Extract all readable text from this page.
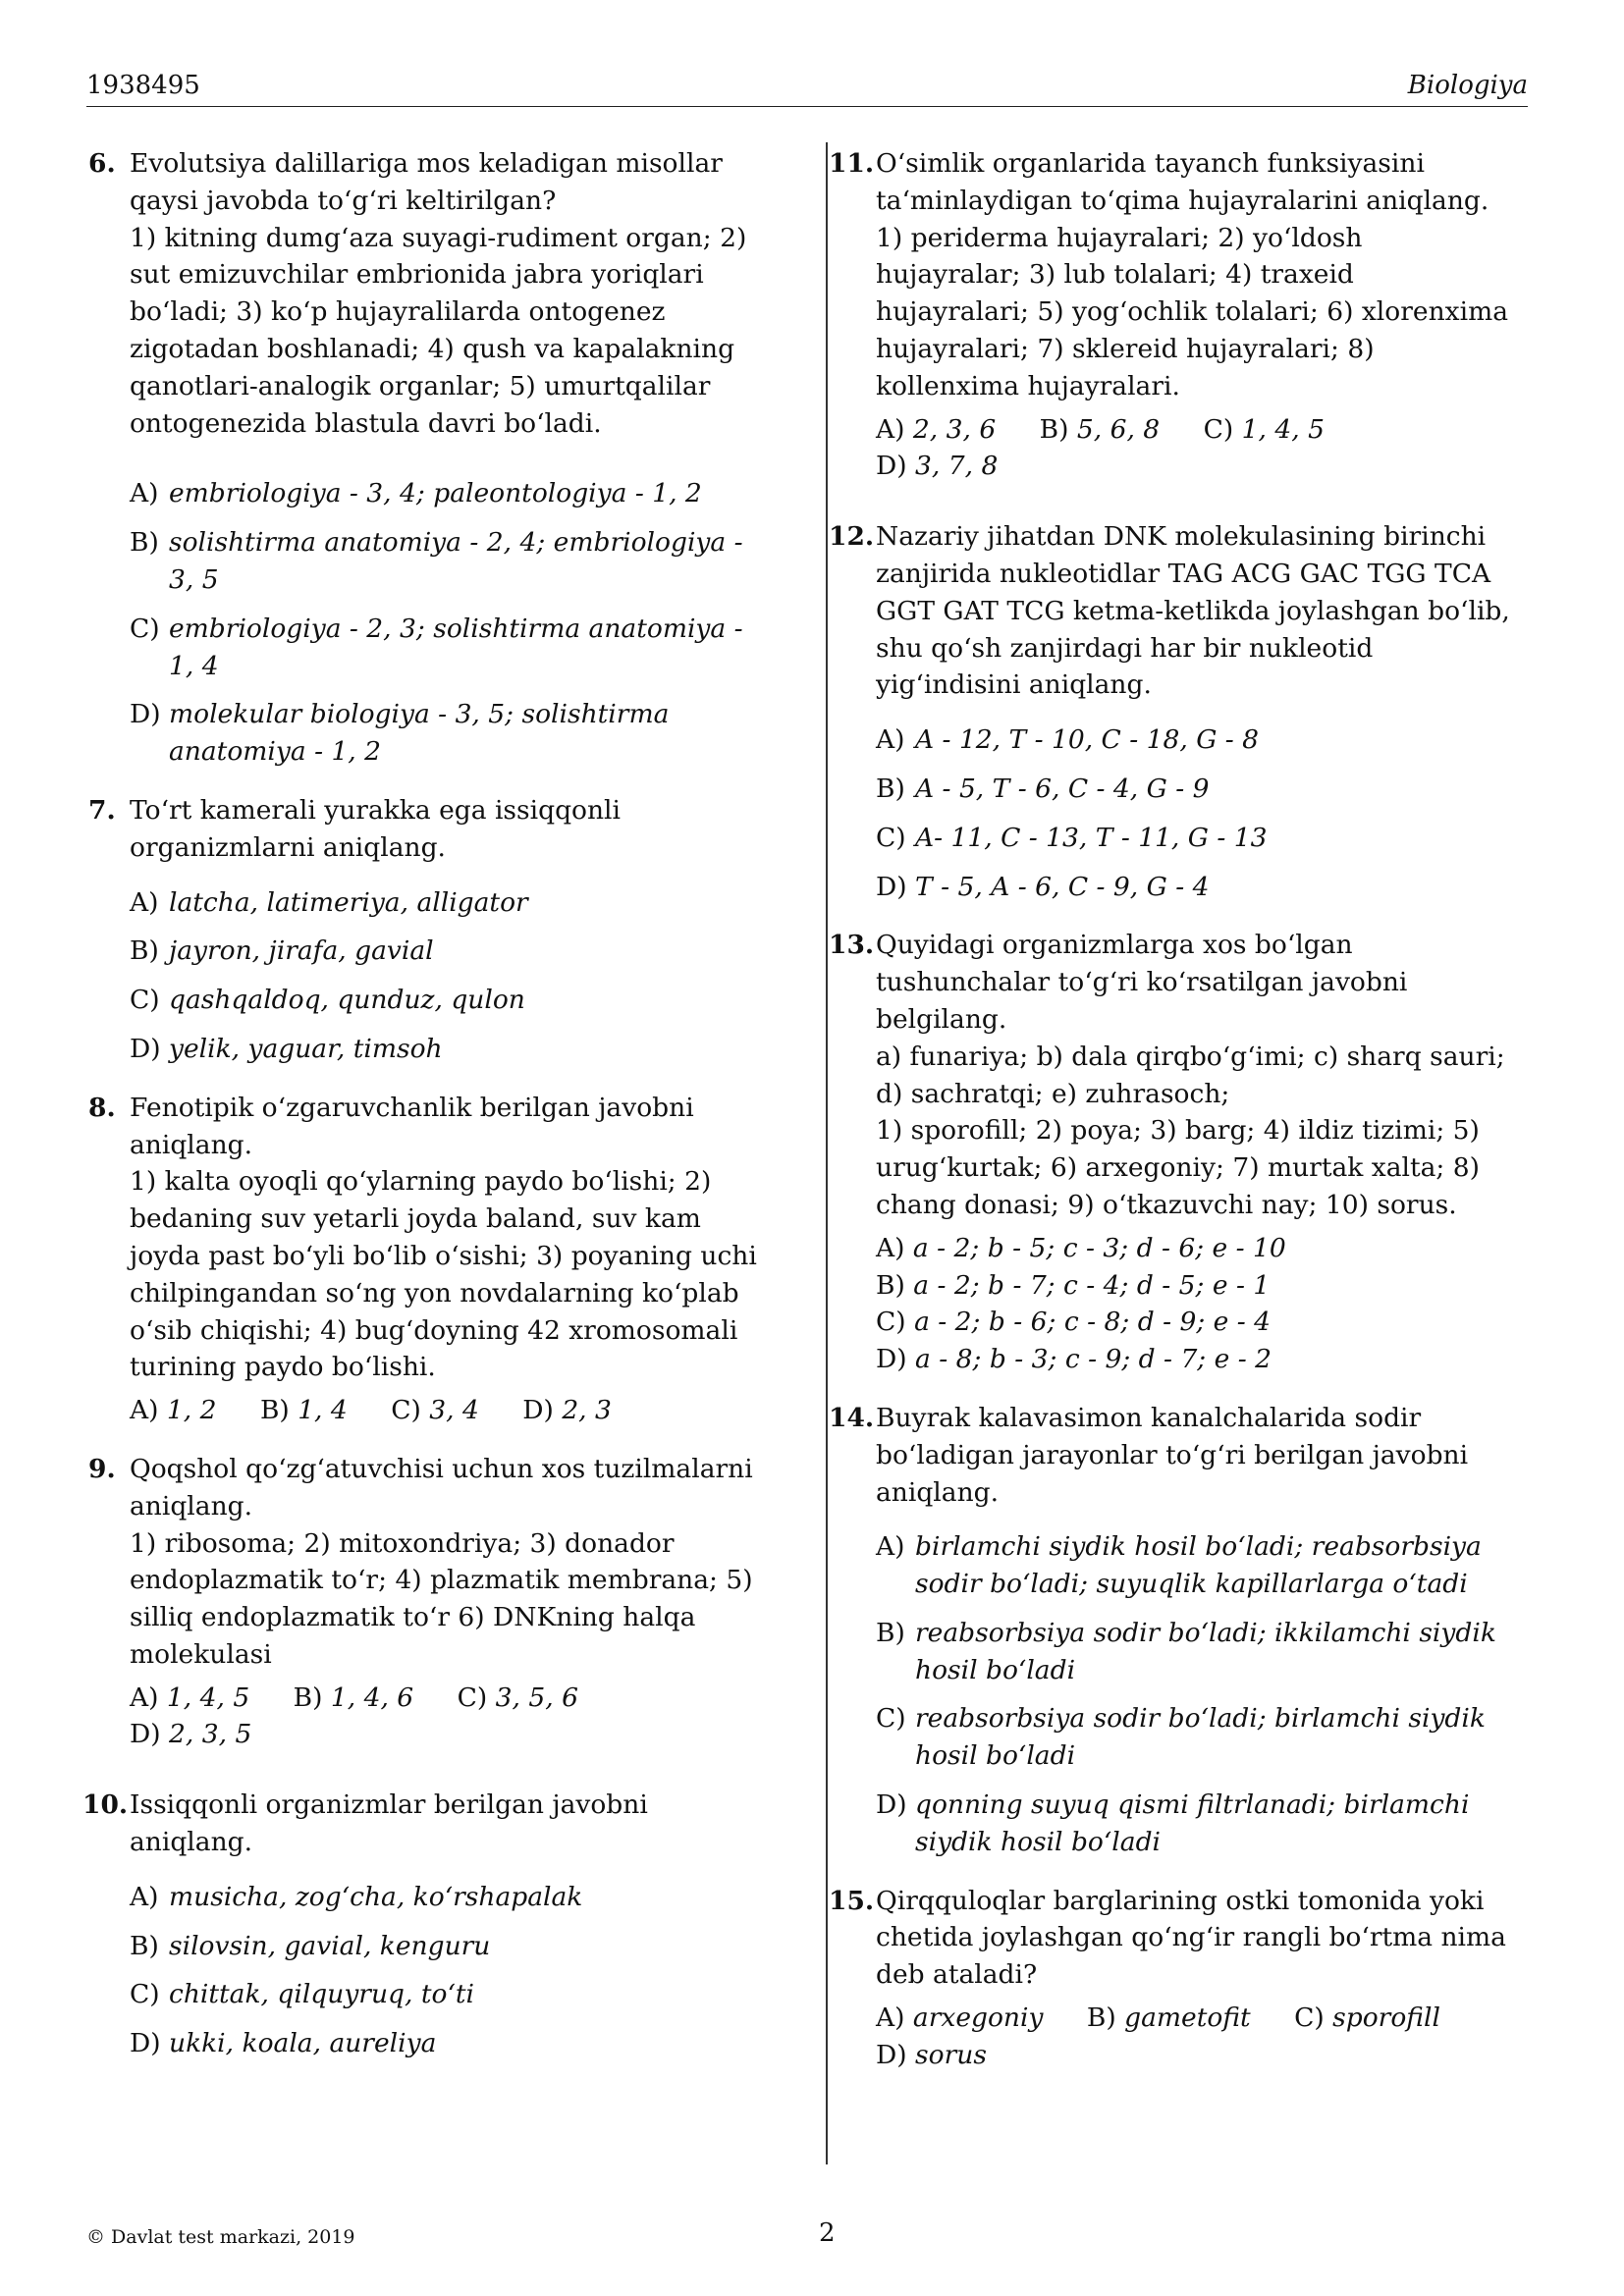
1938495	Biologiya
6. Evolutsiya dalillariga mos keladigan misollar qaysi javobda to‘g‘ri keltirilgan?
1) kitning dumg‘aza suyagi-rudiment organ; 2) sut emizuvchilar embrionida jabra yoriqlari bo‘ladi; 3) ko‘p hujayralilarda ontogenez zigotadan boshlanadi; 4) qush va kapalakning qanotlari-analogik organlar; 5) umurtqalilar ontogenezida blastula davri bo‘ladi.
A) embriologiya - 3, 4; paleontologiya - 1, 2
B) solishtirma anatomiya - 2, 4; embriologiya - 3, 5
C) embriologiya - 2, 3; solishtirma anatomiya - 1, 4
D) molekular biologiya - 3, 5; solishtirma anatomiya - 1, 2
7. To‘rt kamerali yurakka ega issiqqonli organizmlarni aniqlang.
A) latcha, latimeriya, alligator
B) jayron, jirafa, gavial
C) qashqaldoq, qunduz, qulon
D) yelik, yaguar, timsoh
8. Fenotipik o‘zgaruvchanlik berilgan javobni aniqlang.
1) kalta oyoqli qo‘ylarning paydo bo‘lishi; 2) bedaning suv yetarli joyda baland, suv kam joyda past bo‘yli bo‘lib o‘sishi; 3) poyaning uchi chilpingandan so‘ng yon novdalarning ko‘plab o‘sib chiqishi; 4) bug‘doyning 42 xromosomali turining paydo bo‘lishi.
A) 1, 2 B) 1, 4 C) 3, 4 D) 2, 3
9. Qoqshol qo‘zg‘atuvchisi uchun xos tuzilmalarni aniqlang.
1) ribosoma; 2) mitoxondriya; 3) donador endoplazmatik to‘r; 4) plazmatik membrana; 5) silliq endoplazmatik to‘r 6) DNKning halqa molekulasi
A) 1, 4, 5 B) 1, 4, 6 C) 3, 5, 6 D) 2, 3, 5
10. Issiqqonli organizmlar berilgan javobni aniqlang.
A) musicha, zog‘cha, ko‘rshapalak
B) silovsin, gavial, kenguru
C) chittak, qilquyruq, to‘ti
D) ukki, koala, aureliya
11. O‘simlik organlarida tayanch funksiyasini ta‘minlaydigan to‘qima hujayralarini aniqlang.
1) periderma hujayralari; 2) yo‘ldosh hujayralar; 3) lub tolalari; 4) traxeid hujayralari; 5) yog‘ochlik tolalari; 6) xlorenxima hujayralari; 7) sklereid hujayralari; 8) kollenxima hujayralari.
A) 2, 3, 6 B) 5, 6, 8 C) 1, 4, 5 D) 3, 7, 8
12. Nazariy jihatdan DNK molekulasining birinchi zanjirida nukleotidlar TAG ACG GAC TGG TCA GGT GAT TCG ketma-ketlikda joylashgan bo‘lib, shu qo‘sh zanjirdagi har bir nukleotid yig‘indisini aniqlang.
A) A - 12, T - 10, C - 18, G - 8
B) A - 5, T - 6, C - 4, G - 9
C) A- 11, C - 13, T - 11, G - 13
D) T - 5, A - 6, C - 9, G - 4
13. Quyidagi organizmlarga xos bo‘lgan tushunchalar to‘g‘ri ko‘rsatilgan javobni belgilang.
a) funariya; b) dala qirqbo‘g‘imi; c) sharq sauri; d) sachratqi; e) zuhrasoch;
1) sporofill; 2) poya; 3) barg; 4) ildiz tizimi; 5) urug‘kurtak; 6) arxegoniy; 7) murtak xalta; 8) chang donasi; 9) o‘tkazuvchi nay; 10) sorus.
A) a - 2; b - 5; c - 3; d - 6; e - 10
B) a - 2; b - 7; c - 4; d - 5; e - 1
C) a - 2; b - 6; c - 8; d - 9; e - 4
D) a - 8; b - 3; c - 9; d - 7; e - 2
14. Buyrak kalavasimon kanalchalarida sodir bo‘ladigan jarayonlar to‘g‘ri berilgan javobni aniqlang.
A) birlamchi siydik hosil bo‘ladi; reabsorbsiya sodir bo‘ladi; suyuqlik kapillarlarga o‘tadi
B) reabsorbsiya sodir bo‘ladi; ikkilamchi siydik hosil bo‘ladi
C) reabsorbsiya sodir bo‘ladi; birlamchi siydik hosil bo‘ladi
D) qonning suyuq qismi filtrlanadi; birlamchi siydik hosil bo‘ladi
15. Qirqquloqlar barglarining ostki tomonida yoki chetida joylashgan qo‘ng‘ir rangli bo‘rtma nima deb ataladi?
A) arxegoniy B) gametofit C) sporofill
D) sorus
© Davlat test markazi, 2019	2
